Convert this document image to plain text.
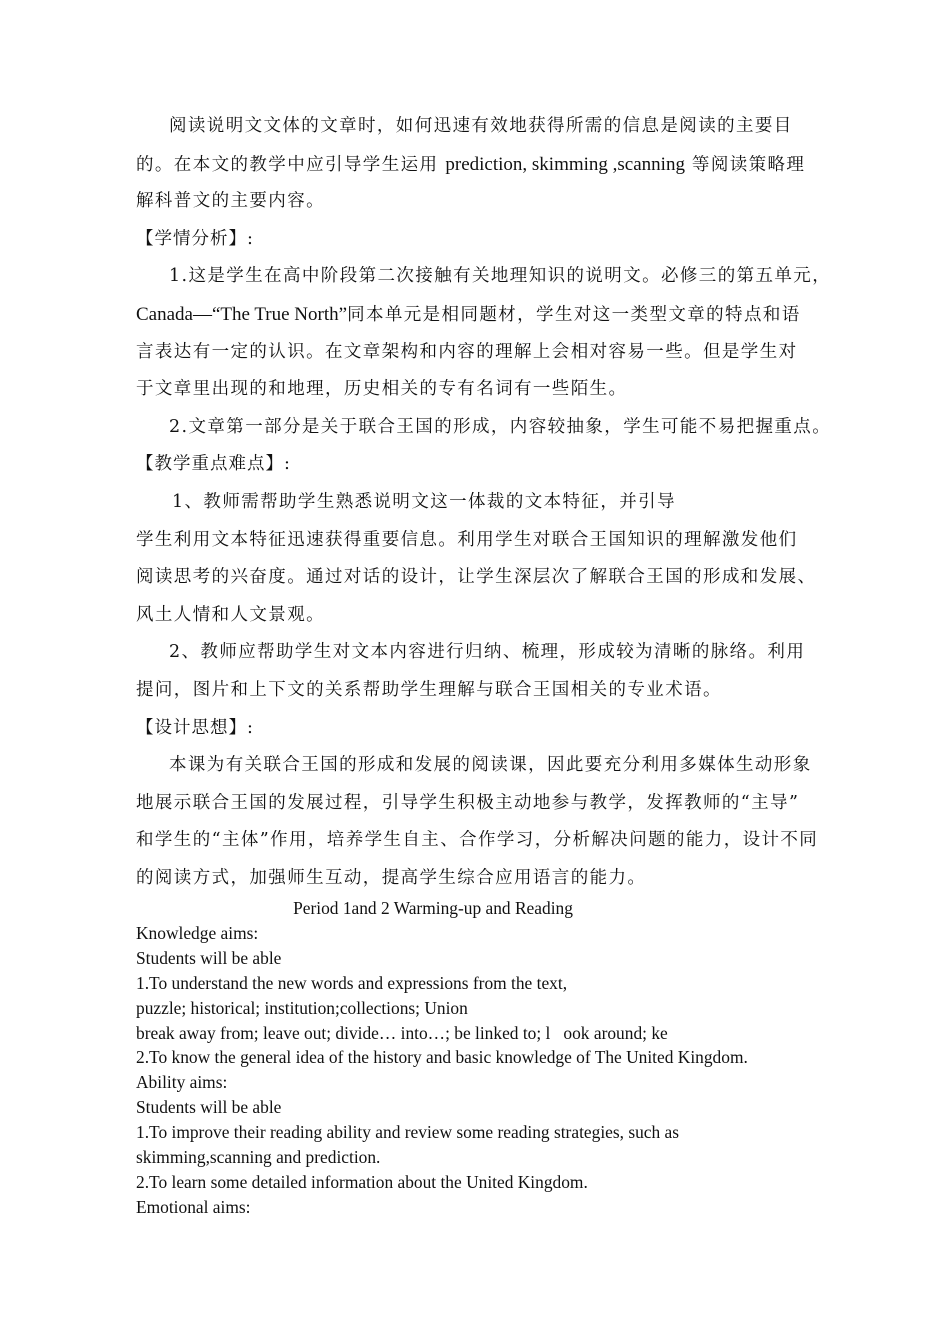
阅读说明文文体的文章时，如何迅速有效地获得所需的信息是阅读的主要目
的。在本文的教学中应引导学生运用 prediction, skimming ,scanning 等阅读策略理
解科普文的主要内容。
【学情分析】:
1.这是学生在高中阶段第二次接触有关地理知识的说明文。必修三的第五单元，
Canada—“The True North”同本单元是相同题材，学生对这一类型文章的特点和语
言表达有一定的认识。在文章架构和内容的理解上会相对容易一些。但是学生对
于文章里出现的和地理，历史相关的专有名词有一些陌生。
2.文章第一部分是关于联合王国的形成，内容较抽象，学生可能不易把握重点。
【教学重点难点】:
1、教师需帮助学生熟悉说明文这一体裁的文本特征，并引导
学生利用文本特征迅速获得重要信息。利用学生对联合王国知识的理解激发他们
阅读思考的兴奋度。通过对话的设计，让学生深层次了解联合王国的形成和发展、
风土人情和人文景观。
2、教师应帮助学生对文本内容进行归纳、梳理，形成较为清晰的脉络。利用
提问，图片和上下文的关系帮助学生理解与联合王国相关的专业术语。
【设计思想】:
本课为有关联合王国的形成和发展的阅读课，因此要充分利用多媒体生动形象
地展示联合王国的发展过程，引导学生积极主动地参与教学，发挥教师的“主导”
和学生的“主体”作用，培养学生自主、合作学习，分析解决问题的能力，设计不同
的阅读方式，加强师生互动，提高学生综合应用语言的能力。
Period 1and 2 Warming-up and Reading
Knowledge aims:
Students will be able
1.To understand the new words and expressions from the text,
puzzle; historical; institution;collections; Union
break away from; leave out; divide… into…; be linked to; l   ook around; ke
2.To know the general idea of the history and basic knowledge of The United Kingdom.
Ability aims:
Students will be able
1.To improve their reading ability and review some reading strategies, such as
skimming,scanning and prediction.
2.To learn some detailed information about the United Kingdom.
Emotional aims:
